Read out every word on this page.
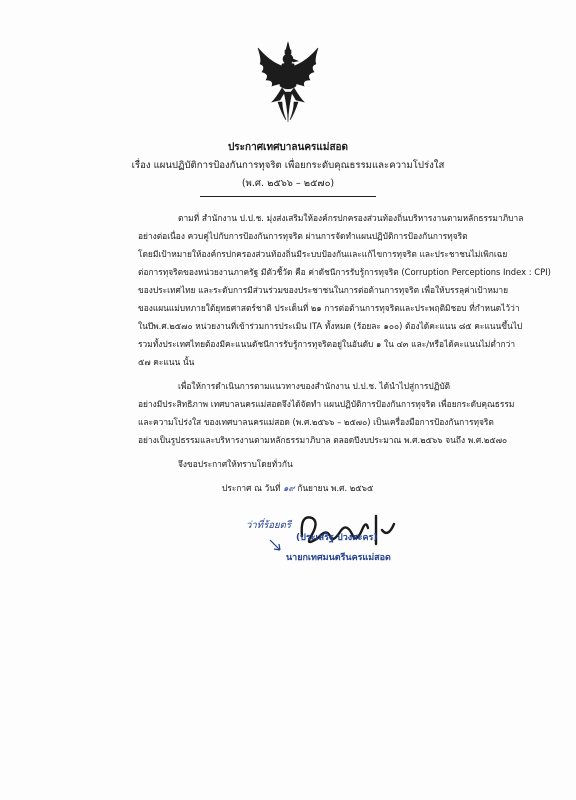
ประกาศเทศบาลนครแม่สอด
เรื่อง แผนปฏิบัติการป้องกันการทุจริต เพื่อยกระดับคุณธรรมและความโปร่งใส
(พ.ศ. ๒๕๖๖ – ๒๕๗๐)
ตามที่ สำนักงาน ป.ป.ช. มุ่งส่งเสริมให้องค์กรปกครองส่วนท้องถิ่นบริหารงานตามหลักธรรมาภิบาล
อย่างต่อเนื่อง ควบคู่ไปกับการป้องกันการทุจริต ผ่านการจัดทำแผนปฏิบัติการป้องกันการทุจริต
โดยมีเป้าหมายให้องค์กรปกครองส่วนท้องถิ่นมีระบบป้องกันและแก้ไขการทุจริต และประชาชนไม่เพิกเฉย
ต่อการทุจริตของหน่วยงานภาครัฐ มีตัวชี้วัด คือ ค่าดัชนีการรับรู้การทุจริต (Corruption Perceptions Index : CPI)
ของประเทศไทย และระดับการมีส่วนร่วมของประชาชนในการต่อต้านการทุจริต เพื่อให้บรรลุค่าเป้าหมาย
ของแผนแม่บทภายใต้ยุทธศาสตร์ชาติ ประเด็นที่ ๒๑ การต่อต้านการทุจริตและประพฤติมิชอบ ที่กำหนดไว้ว่า
ในปีพ.ศ.๒๕๗๐ หน่วยงานที่เข้าร่วมการประเมิน ITA ทั้งหมด (ร้อยละ ๑๐๐) ต้องได้คะแนน ๘๕ คะแนนขึ้นไป
รวมทั้งประเทศไทยต้องมีคะแนนดัชนีการรับรู้การทุจริตอยู่ในอันดับ ๑ ใน ๔๓ และ/หรือได้คะแนนไม่ต่ำกว่า
๕๗ คะแนน นั้น
เพื่อให้การดำเนินการตามแนวทางของสำนักงาน ป.ป.ช. ได้นำไปสู่การปฏิบัติ
อย่างมีประสิทธิภาพ เทศบาลนครแม่สอดจึงได้จัดทำ แผนปฏิบัติการป้องกันการทุจริต เพื่อยกระดับคุณธรรม
และความโปร่งใส ของเทศบาลนครแม่สอด (พ.ศ.๒๕๖๖ – ๒๕๗๐) เป็นเครื่องมือการป้องกันการทุจริต
อย่างเป็นรูปธรรมและบริหารงานตามหลักธรรมาภิบาล ตลอดปีงบประมาณ พ.ศ.๒๕๖๖ จนถึง พ.ศ.๒๕๗๐
จึงขอประกาศให้ทราบโดยทั่วกัน
ประกาศ ณ วันที่ ๑๙ กันยายน พ.ศ. ๒๕๖๕
ว่าที่ร้อยตรี
(ประเสริฐ ปวงสะคร)
นายกเทศมนตรีนครแม่สอด
